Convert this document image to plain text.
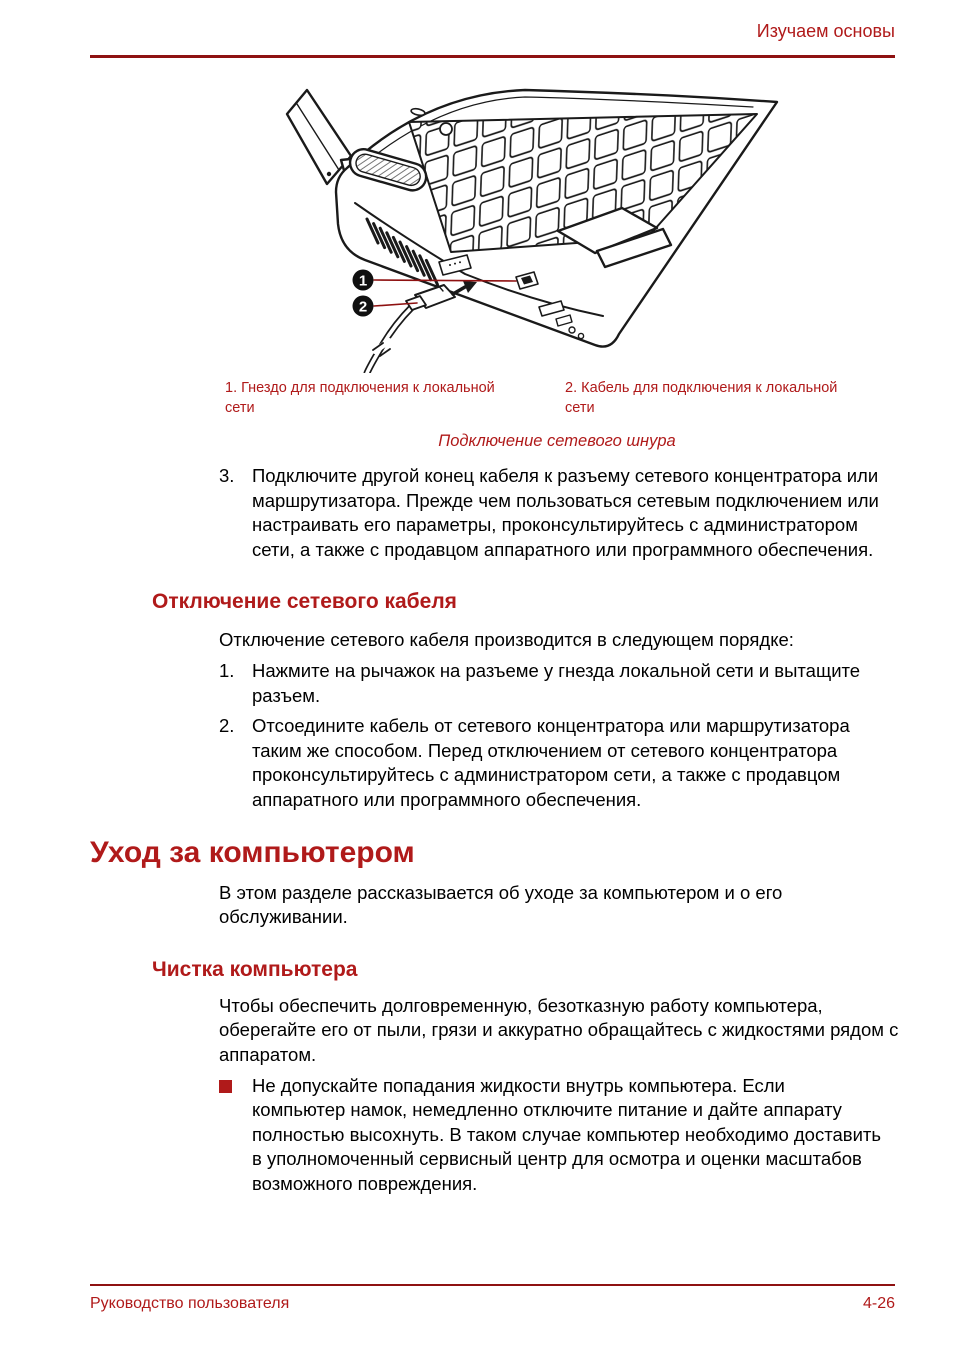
Изучаем основы
1
2
1. Гнездо для подключения к локальной сети
2. Кабель для подключения к локальной сети
Подключение сетевого шнура
3. Подключите другой конец кабеля к разъему сетевого концентратора или маршрутизатора. Прежде чем пользоваться сетевым подключением или настраивать его параметры, проконсультируйтесь с администратором сети, а также с продавцом аппаратного или программного обеспечения.
Отключение сетевого кабеля
Отключение сетевого кабеля производится в следующем порядке:
1. Нажмите на рычажок на разъеме у гнезда локальной сети и вытащите разъем.
2. Отсоедините кабель от сетевого концентратора или маршрутизатора таким же способом. Перед отключением от сетевого концентратора проконсультируйтесь с администратором сети, а также с продавцом аппаратного или программного обеспечения.
Уход за компьютером
В этом разделе рассказывается об уходе за компьютером и о его обслуживании.
Чистка компьютера
Чтобы обеспечить долговременную, безотказную работу компьютера, оберегайте его от пыли, грязи и аккуратно обращайтесь с жидкостями рядом с аппаратом.
Не допускайте попадания жидкости внутрь компьютера. Если компьютер намок, немедленно отключите питание и дайте аппарату полностью высохнуть. В таком случае компьютер необходимо доставить в уполномоченный сервисный центр для осмотра и оценки масштабов возможного повреждения.
Руководство пользователя	4-26
